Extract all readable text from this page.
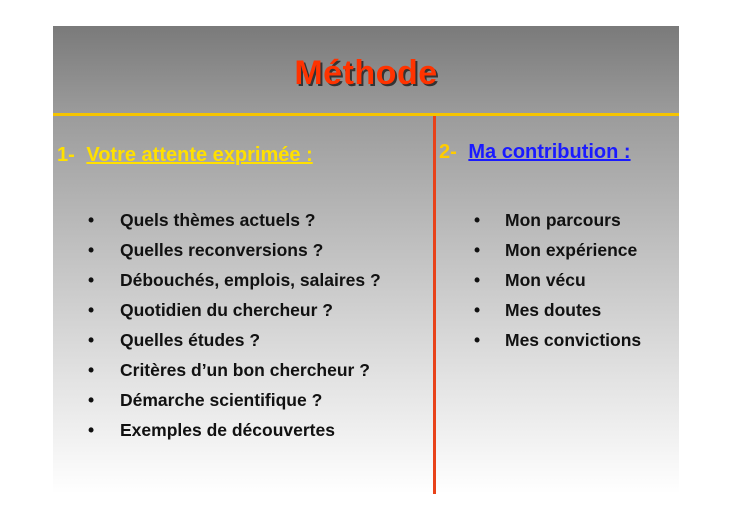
Méthode
1- Votre attente exprimée :	2- Ma contribution :
• Quels thèmes actuels ?
• Quelles reconversions ?
• Débouchés, emplois, salaires ?
• Quotidien du chercheur ?
• Quelles études ?
• Critères d’un bon chercheur ?
• Démarche scientifique ?
• Exemples de découvertes
• Mon parcours
• Mon expérience
• Mon vécu
• Mes doutes
• Mes convictions
